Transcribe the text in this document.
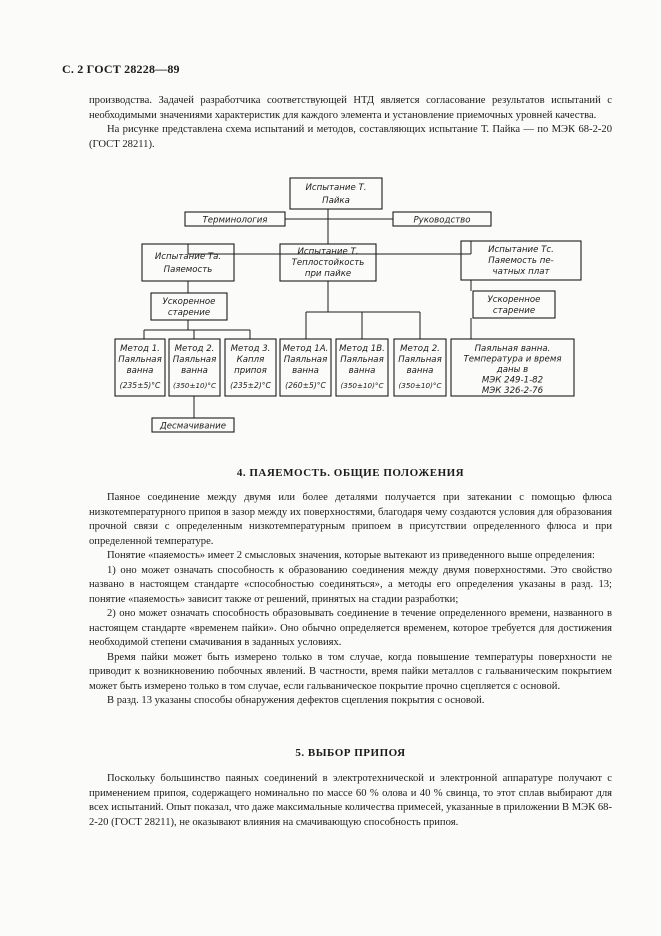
С. 2 ГОСТ 28228—89

производства. Задачей разработчика соответствующей НТД является согласование результатов испытаний с необходимыми значениями характеристик для каждого элемента и установление приемочных уровней качества.

На рисунке представлена схема испытаний и методов, составляющих испытание Т. Пайка — по МЭК 68-2-20 (ГОСТ 28211).

Испытание Т.
Пайка
Терминология	Руководство
Испытание Та.
Паяемость
Испытание Т.
Теплостойкость
при пайке
Испытание Тс.
Паяемость пе-
чатных плат
Ускоренное
старение
Ускоренное
старение
Метод 1.
Паяльная
ванна
(235±5)°С
Метод 2.
Паяльная
ванна
(350±10)°С
Метод 3.
Капля
припоя
(235±2)°С
Метод 1А.
Паяльная
ванна
(260±5)°С
Метод 1В.
Паяльная
ванна
(350±10)°С
Метод 2.
Паяльная
ванна
(350±10)°С
Паяльная ванна.
Температура и время
даны в
МЭК 249-1-82
МЭК 326-2-76
Десмачивание
4. ПАЯЕМОСТЬ. ОБЩИЕ ПОЛОЖЕНИЯ

Паяное соединение между двумя или более деталями получается при затекании с помощью флюса низкотемпературного припоя в зазор между их поверхностями, благодаря чему создаются условия для образования прочной связи с определенным низкотемпературным припоем в присутствии определенного флюса и при определенной температуре.

Понятие «паяемость» имеет 2 смысловых значения, которые вытекают из приведенного выше определения:

1) оно может означать способность к образованию соединения между двумя поверхностями. Это свойство названо в настоящем стандарте «способностью соединяться», а методы его определения указаны в разд. 13; понятие «паяемость» зависит также от решений, принятых на стадии разработки;

2) оно может означать способность образовывать соединение в течение определенного времени, названного в настоящем стандарте «временем пайки». Оно обычно определяется временем, которое требуется для достижения необходимой степени смачивания в заданных условиях.

Время пайки может быть измерено только в том случае, когда повышение температуры поверхности не приводит к возникновению побочных явлений. В частности, время пайки металлов с гальваническим покрытием может быть измерено только в том случае, если гальваническое покрытие прочно сцепляется с основой.

В разд. 13 указаны способы обнаружения дефектов сцепления покрытия с основой.

5. ВЫБОР ПРИПОЯ

Поскольку большинство паяных соединений в электротехнической и электронной аппаратуре получают с применением припоя, содержащего номинально по массе 60 % олова и 40 % свинца, то этот сплав выбирают для всех испытаний. Опыт показал, что даже максимальные количества примесей, указанные в приложении В МЭК 68-2-20 (ГОСТ 28211), не оказывают влияния на смачивающую способность припоя.
